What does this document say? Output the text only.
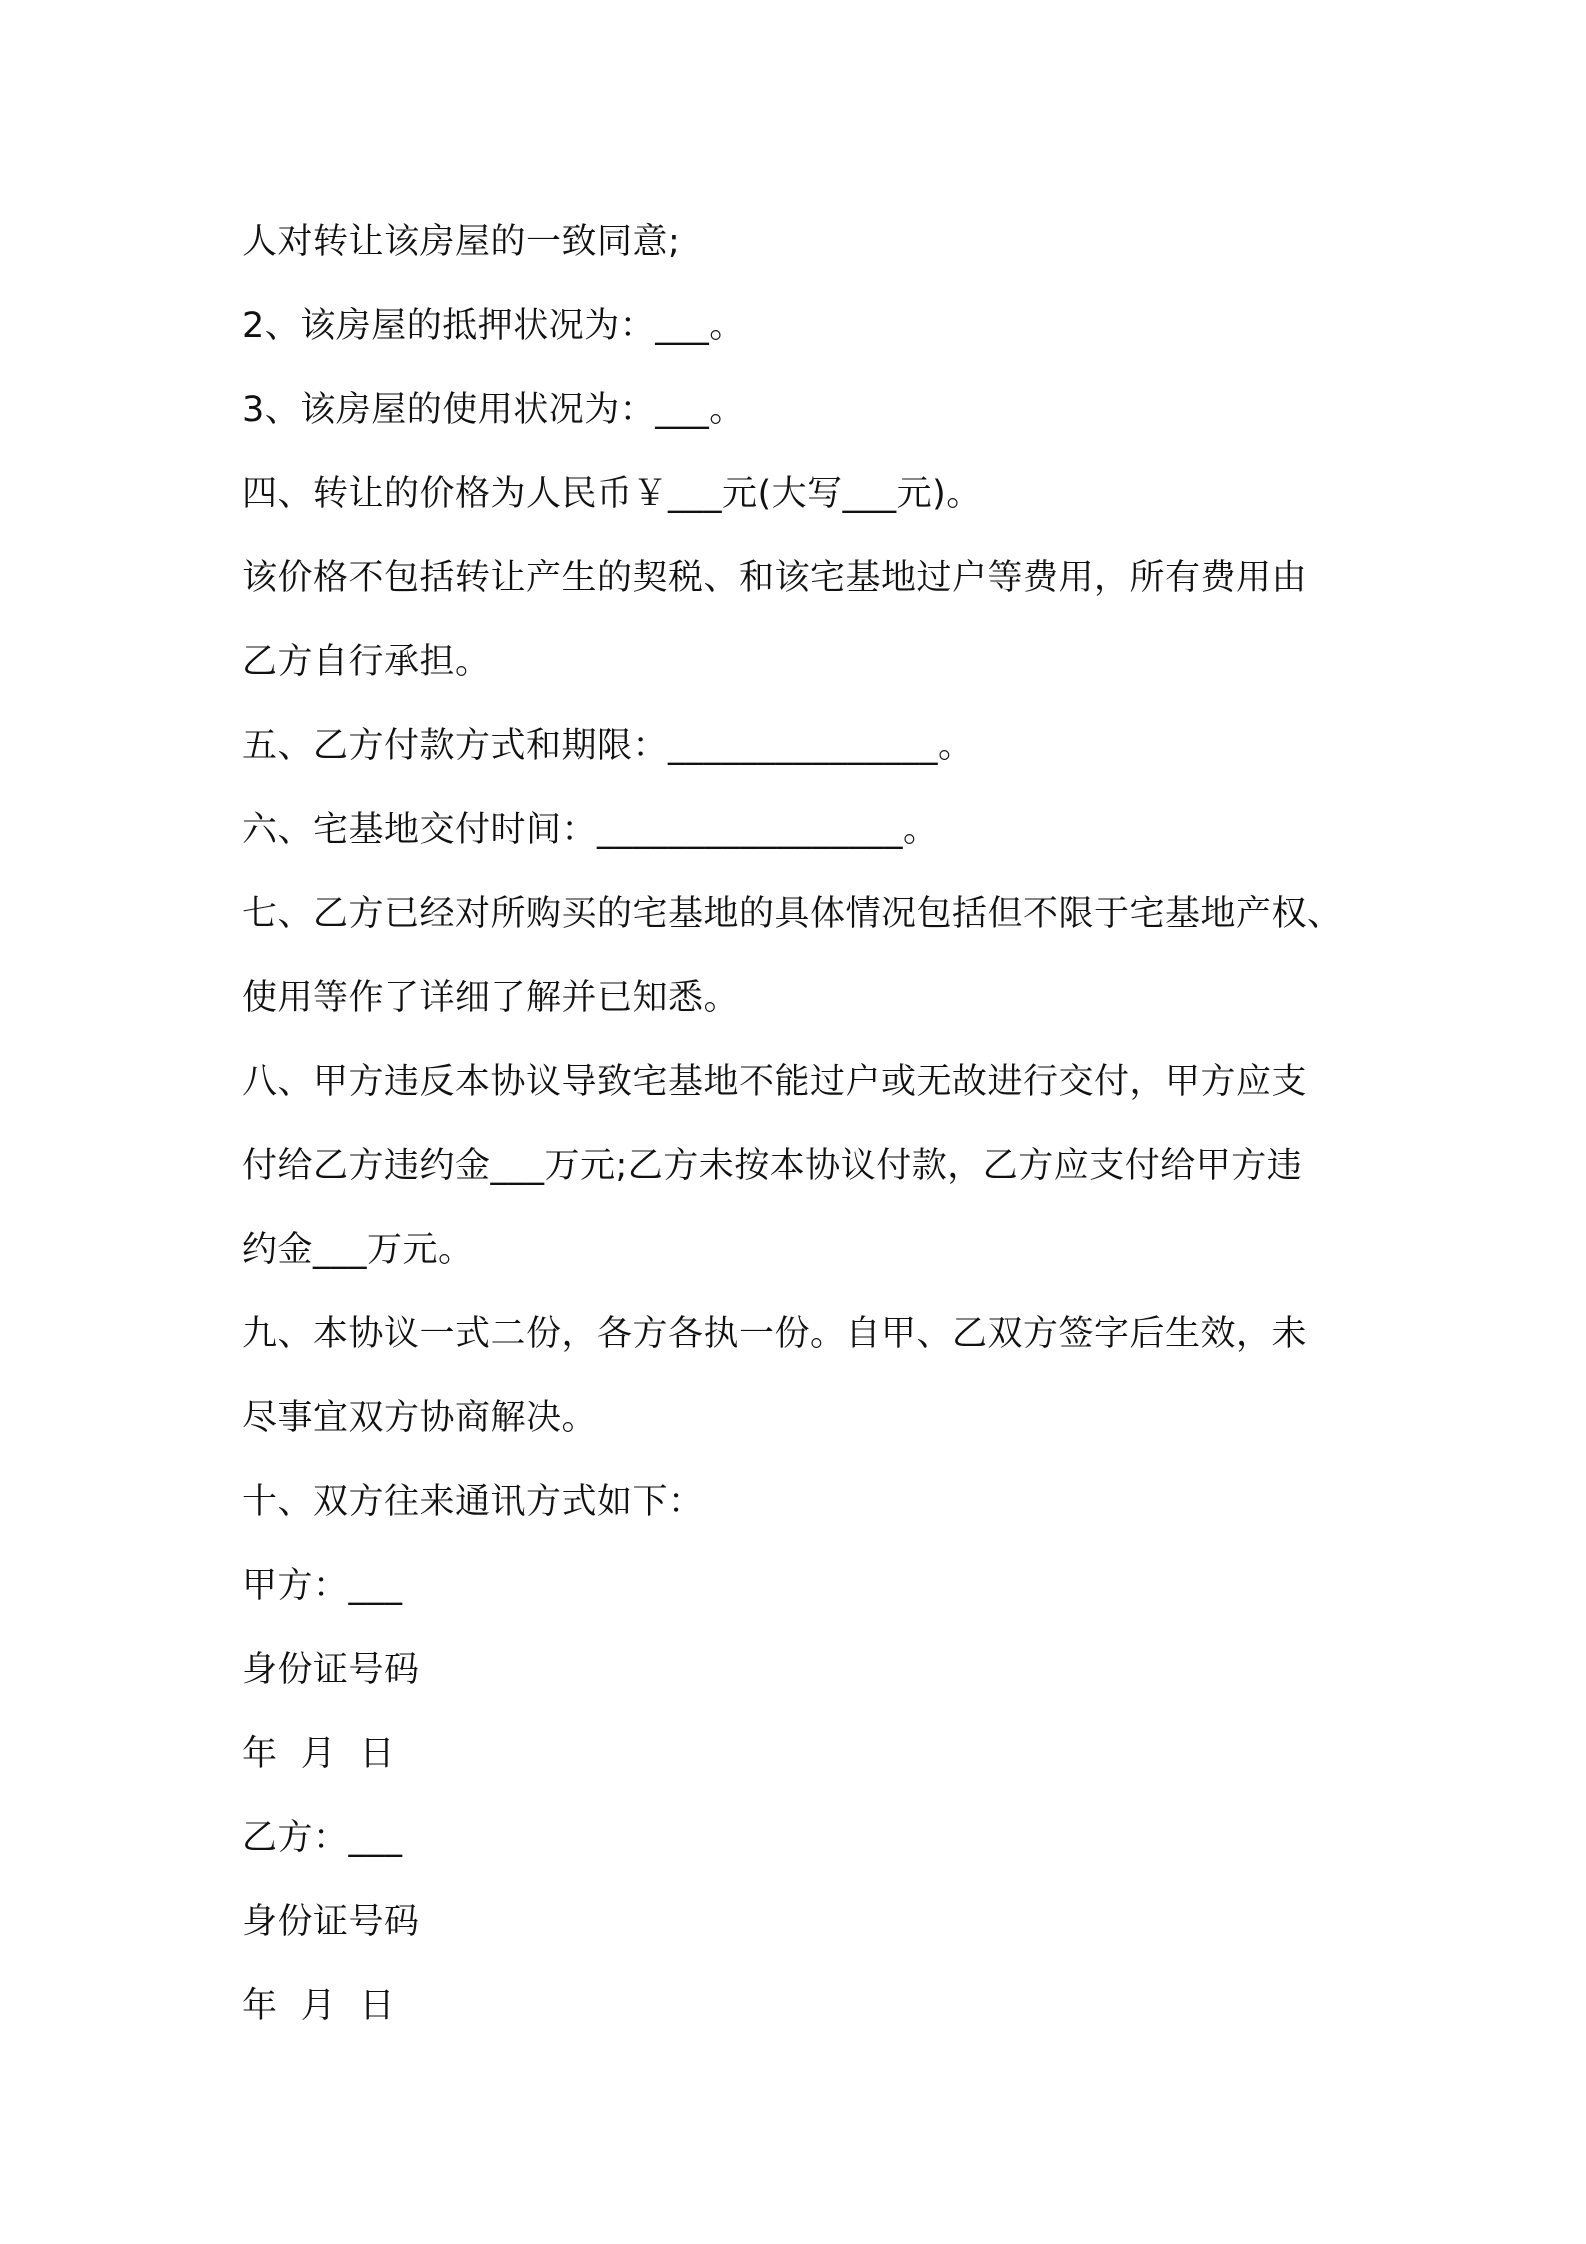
人对转让该房屋的一致同意;
2、该房屋的抵押状况为：___。
3、该房屋的使用状况为：___。
四、转让的价格为人民币￥___元(大写___元)。
该价格不包括转让产生的契税、和该宅基地过户等费用，所有费用由
乙方自行承担。
五、乙方付款方式和期限：_______________。
六、宅基地交付时间：_________________。
七、乙方已经对所购买的宅基地的具体情况包括但不限于宅基地产权、
使用等作了详细了解并已知悉。
八、甲方违反本协议导致宅基地不能过户或无故进行交付，甲方应支
付给乙方违约金___万元;乙方未按本协议付款，乙方应支付给甲方违
约金___万元。
九、本协议一式二份，各方各执一份。自甲、乙双方签字后生效，未
尽事宜双方协商解决。
十、双方往来通讯方式如下：
甲方：___
身份证号码
年  月  日
乙方：___
身份证号码
年  月  日
